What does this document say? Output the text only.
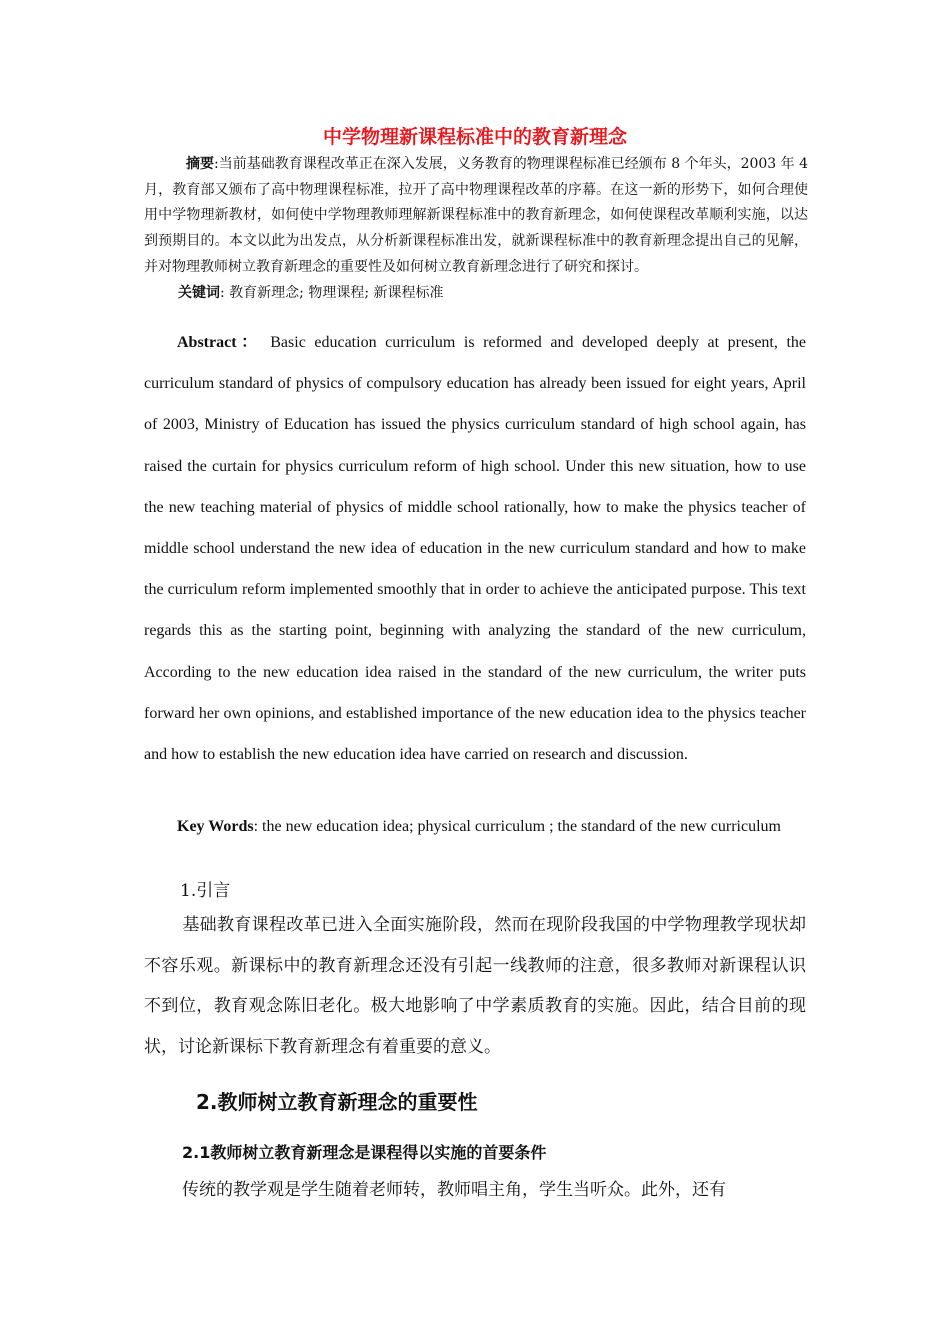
中学物理新课程标准中的教育新理念
摘要:当前基础教育课程改革正在深入发展，义务教育的物理课程标准已经颁布 8 个年头，2003 年 4 月，教育部又颁布了高中物理课程标准，拉开了高中物理课程改革的序幕。在这一新的形势下，如何合理使用中学物理新教材，如何使中学物理教师理解新课程标准中的教育新理念，如何使课程改革顺利实施，以达到预期目的。本文以此为出发点，从分析新课程标准出发，就新课程标准中的教育新理念提出自己的见解，并对物理教师树立教育新理念的重要性及如何树立教育新理念进行了研究和探讨。
关键词: 教育新理念; 物理课程; 新课程标准
Abstract： Basic education curriculum is reformed and developed deeply at present, the curriculum standard of physics of compulsory education has already been issued for eight years, April of 2003, Ministry of Education has issued the physics curriculum standard of high school again, has raised the curtain for physics curriculum reform of high school. Under this new situation, how to use the new teaching material of physics of middle school rationally, how to make the physics teacher of middle school understand the new idea of education in the new curriculum standard and how to make the curriculum reform implemented smoothly that in order to achieve the anticipated purpose. This text regards this as the starting point, beginning with analyzing the standard of the new curriculum, According to the new education idea raised in the standard of the new curriculum, the writer puts forward her own opinions, and established importance of the new education idea to the physics teacher and how to establish the new education idea have carried on research and discussion.
Key Words: the new education idea; physical curriculum ; the standard of the new curriculum
1.引言
基础教育课程改革已进入全面实施阶段，然而在现阶段我国的中学物理教学现状却不容乐观。新课标中的教育新理念还没有引起一线教师的注意，很多教师对新课程认识不到位，教育观念陈旧老化。极大地影响了中学素质教育的实施。因此，结合目前的现状，讨论新课标下教育新理念有着重要的意义。
2.教师树立教育新理念的重要性
2.1教师树立教育新理念是课程得以实施的首要条件
传统的教学观是学生随着老师转，教师唱主角，学生当听众。此外，还有
